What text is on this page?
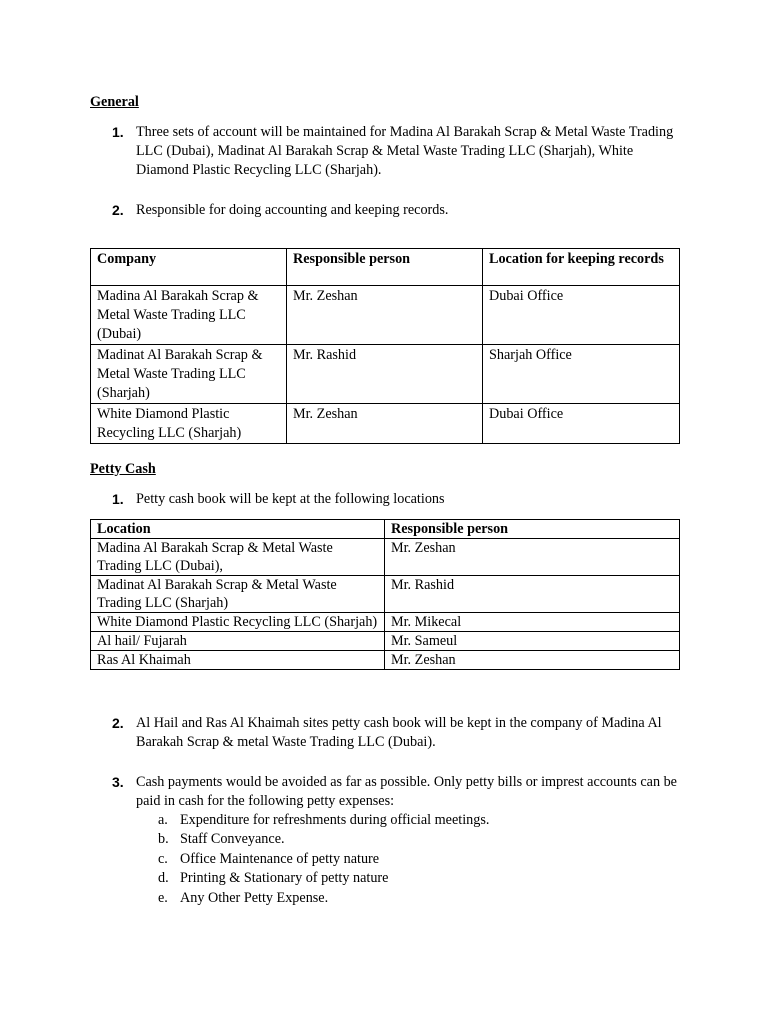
General
1. Three sets of account will be maintained for Madina Al Barakah Scrap & Metal Waste Trading LLC (Dubai), Madinat Al Barakah Scrap & Metal Waste Trading LLC (Sharjah), White Diamond Plastic Recycling LLC (Sharjah).
2. Responsible for doing accounting and keeping records.
Company	Responsible person	Location for keeping records
Madina Al Barakah Scrap & Metal Waste Trading LLC (Dubai)	Mr. Zeshan	Dubai Office
Madinat Al Barakah Scrap & Metal Waste Trading LLC (Sharjah)	Mr. Rashid	Sharjah Office
White Diamond Plastic Recycling LLC (Sharjah)	Mr. Zeshan	Dubai Office
Petty Cash
1. Petty cash book will be kept at the following locations
Location	Responsible person
Madina Al Barakah Scrap & Metal Waste Trading LLC (Dubai),	Mr. Zeshan
Madinat Al Barakah Scrap & Metal Waste Trading LLC (Sharjah)	Mr. Rashid
White Diamond Plastic Recycling LLC (Sharjah)	Mr. Mikecal
Al hail/ Fujarah	Mr. Sameul
Ras Al Khaimah	Mr. Zeshan
2. Al Hail and Ras Al Khaimah sites petty cash book will be kept in the company of Madina Al Barakah Scrap & metal Waste Trading LLC (Dubai).
3. Cash payments would be avoided as far as possible. Only petty bills or imprest accounts can be paid in cash for the following petty expenses:
a. Expenditure for refreshments during official meetings.
b. Staff Conveyance.
c. Office Maintenance of petty nature
d. Printing & Stationary of petty nature
e. Any Other Petty Expense.
